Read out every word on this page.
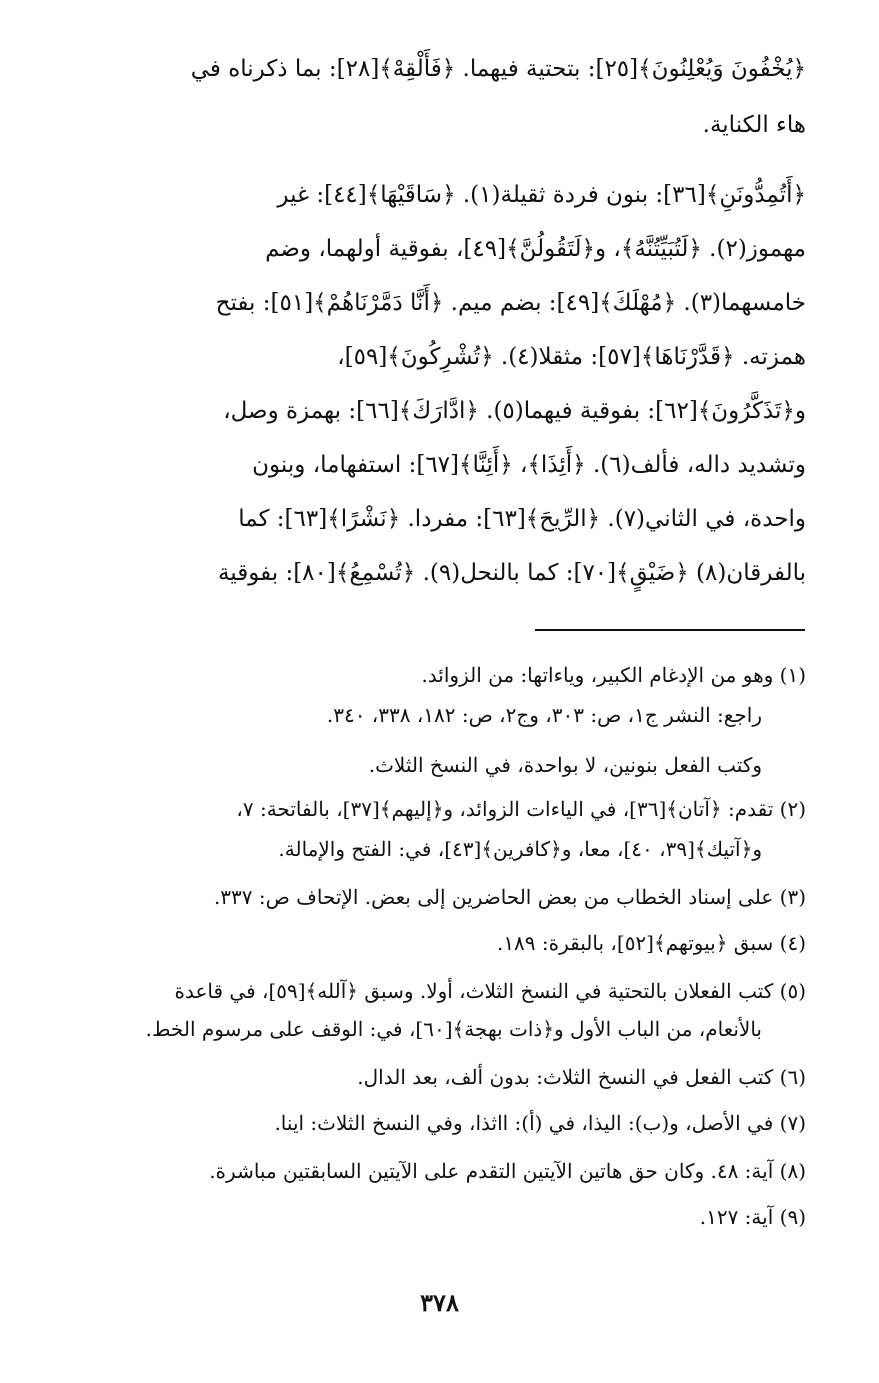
﴿يُخْفُونَ وَيُعْلِنُونَ﴾[٢٥]: بتحتية فيهما. ﴿فَأَلْقِهْ﴾[٢٨]: بما ذكرناه في
هاء الكناية.
﴿أَتُمِدُّونَنِ﴾[٣٦]: بنون فردة ثقيلة(١). ﴿سَاقَيْهَا﴾[٤٤]: غير
مهموز(٢). ﴿لَتُبَيِّتُنَّهُ﴾، و﴿لَتَقُولُنَّ﴾[٤٩]، بفوقية أولهما، وضم
خامسهما(٣). ﴿مُهْلَكَ﴾[٤٩]: بضم ميم. ﴿أَنَّا دَمَّرْنَاهُمْ﴾[٥١]: بفتح
همزته. ﴿قَدَّرْنَاهَا﴾[٥٧]: مثقلا(٤). ﴿تُشْرِكُونَ﴾[٥٩]،
و﴿تَذَكَّرُونَ﴾[٦٢]: بفوقية فيهما(٥). ﴿ادَّارَكَ﴾[٦٦]: بهمزة وصل،
وتشديد داله، فألف(٦). ﴿أَئِذَا﴾، ﴿أَئِنَّا﴾[٦٧]: استفهاما، وبنون
واحدة، في الثاني(٧). ﴿الرِّيحَ﴾[٦٣]: مفردا. ﴿نَشْرًا﴾[٦٣]: كما
بالفرقان(٨) ﴿ضَيْقٍ﴾[٧٠]: كما بالنحل(٩). ﴿تُسْمِعُ﴾[٨٠]: بفوقية
(١) وهو من الإدغام الكبير، وياءاتها: من الزوائد.
راجع: النشر ج١، ص: ٣٠٣، وج٢، ص: ١٨٢، ٣٣٨، ٣٤٠.
وكتب الفعل بنونين، لا بواحدة، في النسخ الثلاث.
(٢) تقدم: ﴿آتان﴾[٣٦]، في الياءات الزوائد، و﴿إليهم﴾[٣٧]، بالفاتحة: ٧،
و﴿آتيك﴾[٣٩، ٤٠]، معا، و﴿كافرين﴾[٤٣]، في: الفتح والإمالة.
(٣) على إسناد الخطاب من بعض الحاضرين إلى بعض. الإتحاف ص: ٣٣٧.
(٤) سبق ﴿بيوتهم﴾[٥٢]، بالبقرة: ١٨٩.
(٥) كتب الفعلان بالتحتية في النسخ الثلاث، أولا. وسبق ﴿آلله﴾[٥٩]، في قاعدة
بالأنعام، من الباب الأول و﴿ذات بهجة﴾[٦٠]، في: الوقف على مرسوم الخط.
(٦) كتب الفعل في النسخ الثلاث: بدون ألف، بعد الدال.
(٧) في الأصل، و(ب): اليذا، في (أ): ااثذا، وفي النسخ الثلاث: اينا.
(٨) آية: ٤٨. وكان حق هاتين الآيتين التقدم على الآيتين السابقتين مباشرة.
(٩) آية: ١٢٧.
٣٧٨
